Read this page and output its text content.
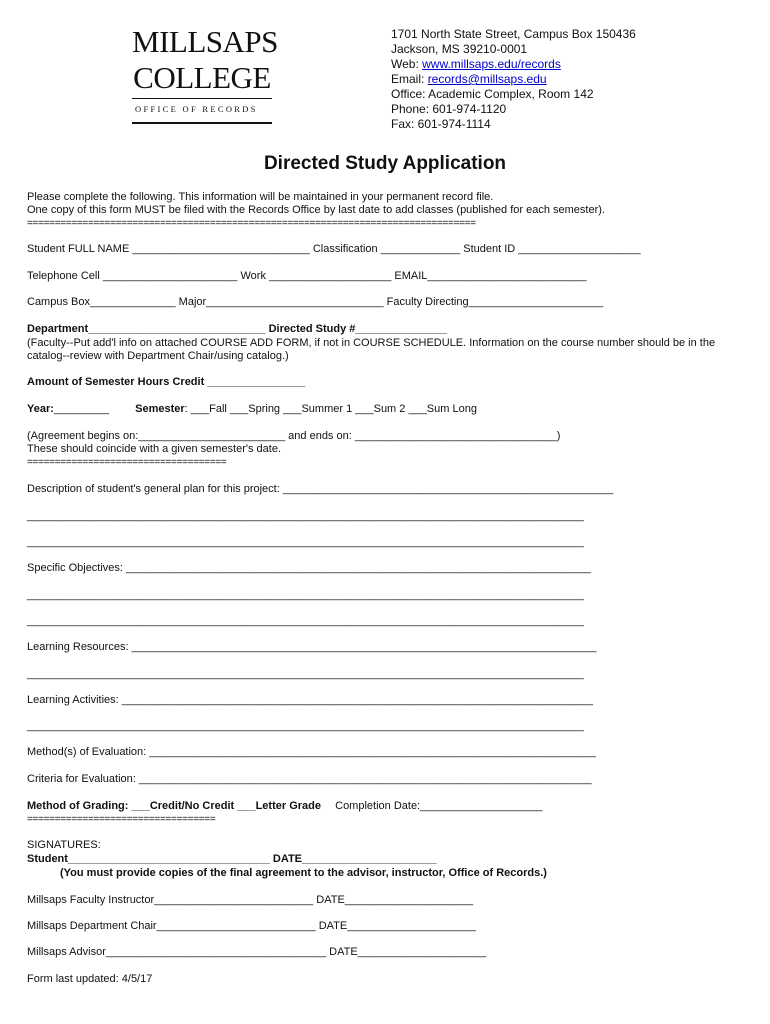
MILLSAPS
COLLEGE
OFFICE OF RECORDS
1701 North State Street, Campus Box 150436
Jackson, MS 39210-0001
Web: www.millsaps.edu/records
Email: records@millsaps.edu
Office: Academic Complex, Room 142
Phone: 601-974-1120
Fax: 601-974-1114
Directed Study Application
Please complete the following. This information will be maintained in your permanent record file.
One copy of this form MUST be filed with the Records Office by last date to add classes (published for each semester).
=================================================================================
Student FULL NAME _____________________________ Classification _____________ Student ID ____________________
Telephone Cell ______________________ Work ____________________ EMAIL__________________________
Campus Box______________ Major_____________________________ Faculty Directing______________________
Department_____________________________ Directed Study #_______________
(Faculty--Put add'l info on attached COURSE ADD FORM, if not in COURSE SCHEDULE. Information on the course number should be in the
catalog--review with Department Chair/using catalog.)
Amount of Semester Hours Credit ________________
Year:_________ Semester: ___Fall ___Spring ___Summer 1 ___Sum 2 ___Sum Long
(Agreement begins on:________________________ and ends on: _________________________________)
These should coincide with a given semester's date.
====================================
Description of student's general plan for this project: ______________________________________________________
___________________________________________________________________________________________
___________________________________________________________________________________________
Specific Objectives: ____________________________________________________________________________
___________________________________________________________________________________________
___________________________________________________________________________________________
Learning Resources: ____________________________________________________________________________
___________________________________________________________________________________________
Learning Activities: _____________________________________________________________________________
___________________________________________________________________________________________
Method(s) of Evaluation: _________________________________________________________________________
Criteria for Evaluation: __________________________________________________________________________
Method of Grading: ___Credit/No Credit ___Letter Grade Completion Date:____________________
==================================
SIGNATURES:
Student_________________________________ DATE______________________
(You must provide copies of the final agreement to the advisor, instructor, Office of Records.)
Millsaps Faculty Instructor__________________________ DATE_____________________
Millsaps Department Chair__________________________ DATE_____________________
Millsaps Advisor____________________________________ DATE_____________________
Form last updated: 4/5/17
